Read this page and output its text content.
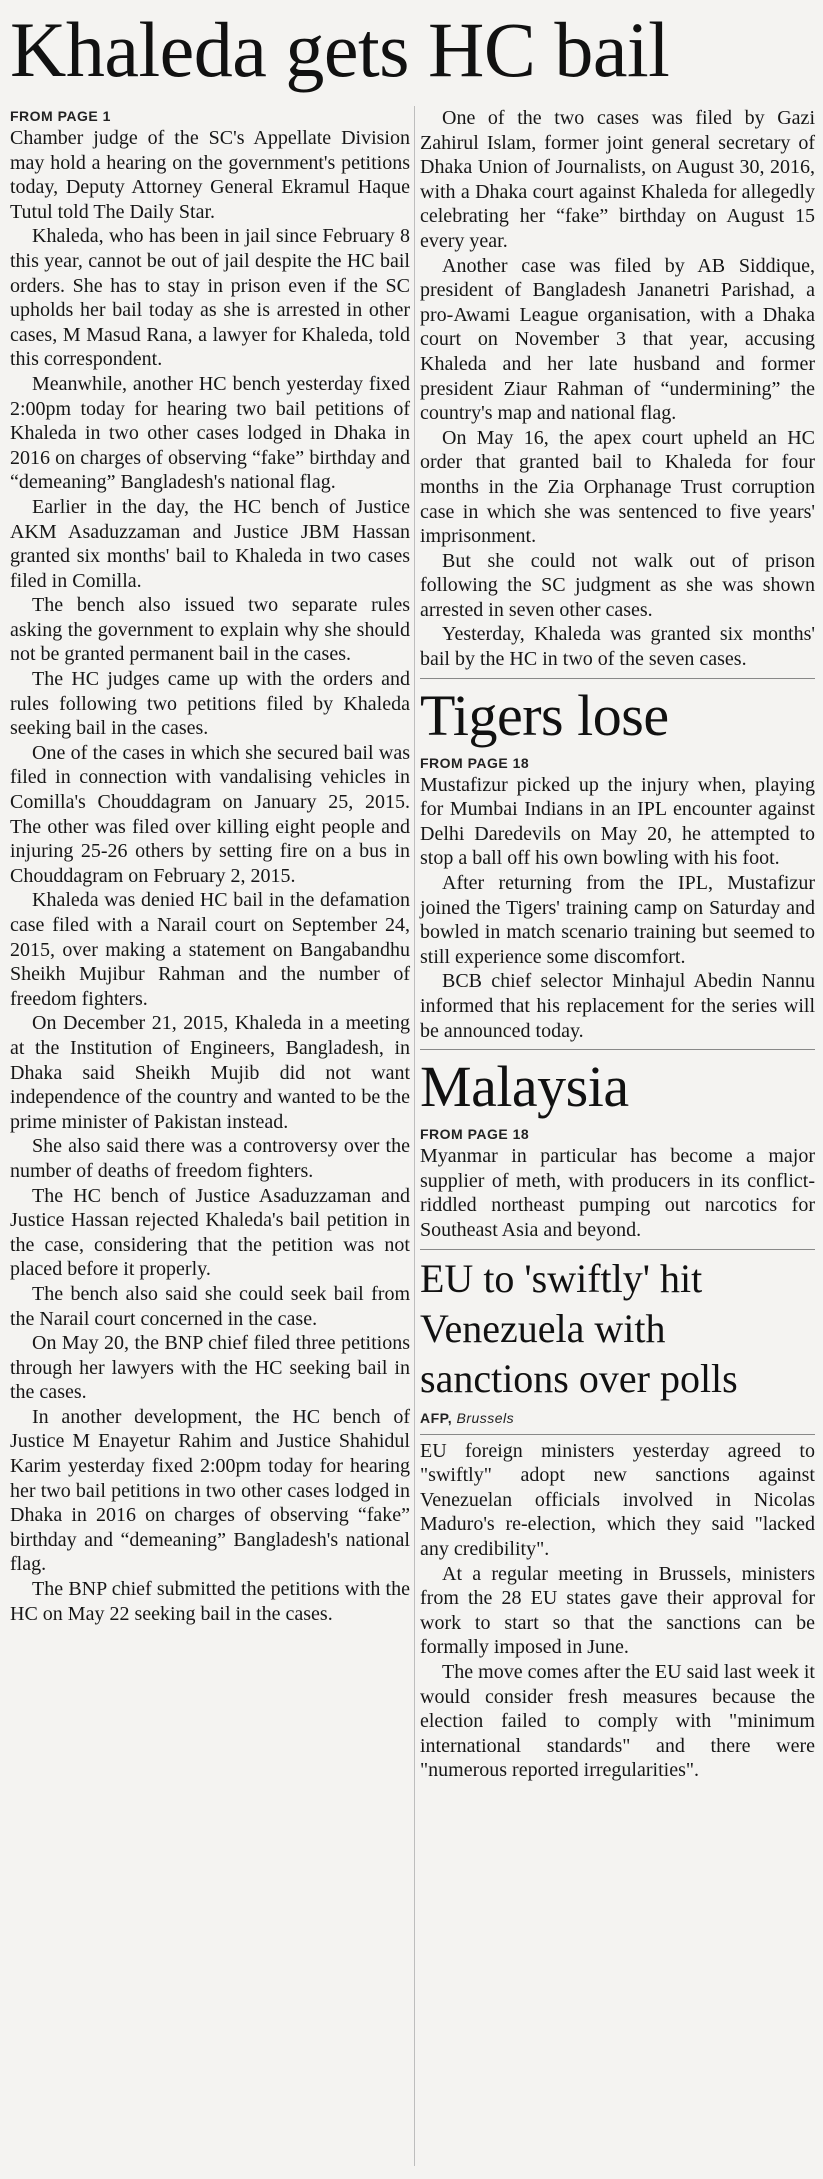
Khaleda gets HC bail

FROM PAGE 1

Chamber judge of the SC's Appellate Division may hold a hearing on the government's petitions today, Deputy Attorney General Ekramul Haque Tutul told The Daily Star.

Khaleda, who has been in jail since February 8 this year, cannot be out of jail despite the HC bail orders. She has to stay in prison even if the SC upholds her bail today as she is arrested in other cases, M Masud Rana, a lawyer for Khaleda, told this correspondent.

Meanwhile, another HC bench yesterday fixed 2:00pm today for hearing two bail petitions of Khaleda in two other cases lodged in Dhaka in 2016 on charges of observing “fake” birthday and “demeaning” Bangladesh's national flag.

Earlier in the day, the HC bench of Justice AKM Asaduzzaman and Justice JBM Hassan granted six months' bail to Khaleda in two cases filed in Comilla.

The bench also issued two separate rules asking the government to explain why she should not be granted permanent bail in the cases.

The HC judges came up with the orders and rules following two petitions filed by Khaleda seeking bail in the cases.

One of the cases in which she secured bail was filed in connection with vandalising vehicles in Comilla's Chouddagram on January 25, 2015. The other was filed over killing eight people and injuring 25-26 others by setting fire on a bus in Chouddagram on February 2, 2015.

Khaleda was denied HC bail in the defamation case filed with a Narail court on September 24, 2015, over making a statement on Bangabandhu Sheikh Mujibur Rahman and the number of freedom fighters.

On December 21, 2015, Khaleda in a meeting at the Institution of Engineers, Bangladesh, in Dhaka said Sheikh Mujib did not want independence of the country and wanted to be the prime minister of Pakistan instead.

She also said there was a controversy over the number of deaths of freedom fighters.

The HC bench of Justice Asaduzzaman and Justice Hassan rejected Khaleda's bail petition in the case, considering that the petition was not placed before it properly.

The bench also said she could seek bail from the Narail court concerned in the case.

On May 20, the BNP chief filed three petitions through her lawyers with the HC seeking bail in the cases.

In another development, the HC bench of Justice M Enayetur Rahim and Justice Shahidul Karim yesterday fixed 2:00pm today for hearing her two bail petitions in two other cases lodged in Dhaka in 2016 on charges of observing “fake” birthday and “demeaning” Bangladesh's national flag.

The BNP chief submitted the petitions with the HC on May 22 seeking bail in the cases.

One of the two cases was filed by Gazi Zahirul Islam, former joint general secretary of Dhaka Union of Journalists, on August 30, 2016, with a Dhaka court against Khaleda for allegedly celebrating her “fake” birthday on August 15 every year.

Another case was filed by AB Siddique, president of Bangladesh Jananetri Parishad, a pro-Awami League organisation, with a Dhaka court on November 3 that year, accusing Khaleda and her late husband and former president Ziaur Rahman of “undermining” the country's map and national flag.

On May 16, the apex court upheld an HC order that granted bail to Khaleda for four months in the Zia Orphanage Trust corruption case in which she was sentenced to five years' imprisonment.

But she could not walk out of prison following the SC judgment as she was shown arrested in seven other cases.

Yesterday, Khaleda was granted six months' bail by the HC in two of the seven cases.

Tigers lose

FROM PAGE 18

Mustafizur picked up the injury when, playing for Mumbai Indians in an IPL encounter against Delhi Daredevils on May 20, he attempted to stop a ball off his own bowling with his foot.

After returning from the IPL, Mustafizur joined the Tigers' training camp on Saturday and bowled in match scenario training but seemed to still experience some discomfort.

BCB chief selector Minhajul Abedin Nannu informed that his replacement for the series will be announced today.

Malaysia

FROM PAGE 18

Myanmar in particular has become a major supplier of meth, with producers in its conflict-riddled northeast pumping out narcotics for Southeast Asia and beyond.

EU to 'swiftly' hit Venezuela with sanctions over polls

AFP, Brussels

EU foreign ministers yesterday agreed to "swiftly" adopt new sanctions against Venezuelan officials involved in Nicolas Maduro's re-election, which they said "lacked any credibility".

At a regular meeting in Brussels, ministers from the 28 EU states gave their approval for work to start so that the sanctions can be formally imposed in June.

The move comes after the EU said last week it would consider fresh measures because the election failed to comply with "minimum international standards" and there were "numerous reported irregularities".
